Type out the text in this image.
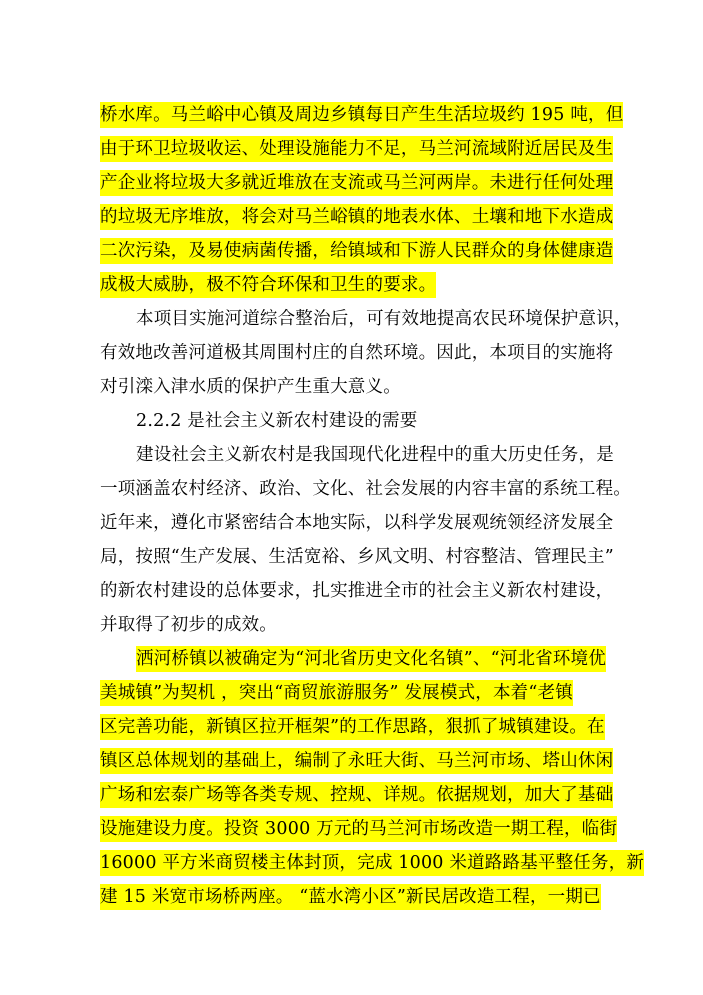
桥水库。马兰峪中心镇及周边乡镇每日产生生活垃圾约 195 吨，但
由于环卫垃圾收运、处理设施能力不足，马兰河流域附近居民及生
产企业将垃圾大多就近堆放在支流或马兰河两岸。未进行任何处理
的垃圾无序堆放，将会对马兰峪镇的地表水体、土壤和地下水造成
二次污染，及易使病菌传播，给镇域和下游人民群众的身体健康造
成极大威胁，极不符合环保和卫生的要求。
本项目实施河道综合整治后，可有效地提高农民环境保护意识，
有效地改善河道极其周围村庄的自然环境。因此，本项目的实施将
对引滦入津水质的保护产生重大意义。
2.2.2 是社会主义新农村建设的需要
建设社会主义新农村是我国现代化进程中的重大历史任务，是
一项涵盖农村经济、政治、文化、社会发展的内容丰富的系统工程。
近年来，遵化市紧密结合本地实际，以科学发展观统领经济发展全
局，按照“生产发展、生活宽裕、乡风文明、村容整洁、管理民主”
的新农村建设的总体要求，扎实推进全市的社会主义新农村建设，
并取得了初步的成效。
洒河桥镇以被确定为“河北省历史文化名镇”、“河北省环境优
美城镇”为契机 ，突出“商贸旅游服务” 发展模式，本着“老镇
区完善功能，新镇区拉开框架”的工作思路，狠抓了城镇建设。在
镇区总体规划的基础上，编制了永旺大街、马兰河市场、塔山休闲
广场和宏泰广场等各类专规、控规、详规。依据规划，加大了基础
设施建设力度。投资 3000 万元的马兰河市场改造一期工程，临街
16000 平方米商贸楼主体封顶，完成 1000 米道路路基平整任务，新
建 15 米宽市场桥两座。 “蓝水湾小区”新民居改造工程，一期已
